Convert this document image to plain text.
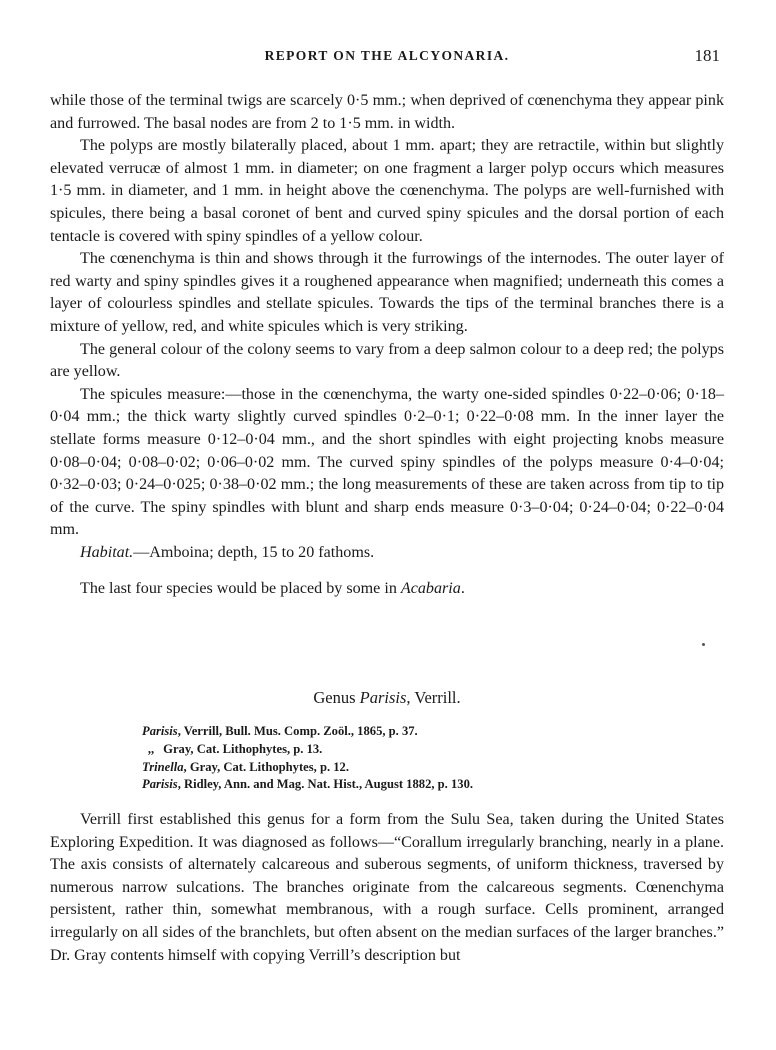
REPORT ON THE ALCYONARIA.	181

while those of the terminal twigs are scarcely 0·5 mm.; when deprived of cœnenchyma they appear pink and furrowed. The basal nodes are from 2 to 1·5 mm. in width.

The polyps are mostly bilaterally placed, about 1 mm. apart; they are retractile, within but slightly elevated verrucæ of almost 1 mm. in diameter; on one fragment a larger polyp occurs which measures 1·5 mm. in diameter, and 1 mm. in height above the cœnenchyma. The polyps are well-furnished with spicules, there being a basal coronet of bent and curved spiny spicules and the dorsal portion of each tentacle is covered with spiny spindles of a yellow colour.

The cœnenchyma is thin and shows through it the furrowings of the internodes. The outer layer of red warty and spiny spindles gives it a roughened appearance when magnified; underneath this comes a layer of colourless spindles and stellate spicules. Towards the tips of the terminal branches there is a mixture of yellow, red, and white spicules which is very striking.

The general colour of the colony seems to vary from a deep salmon colour to a deep red; the polyps are yellow.

The spicules measure:—those in the cœnenchyma, the warty one-sided spindles 0·22–0·06; 0·18–0·04 mm.; the thick warty slightly curved spindles 0·2–0·1; 0·22–0·08 mm. In the inner layer the stellate forms measure 0·12–0·04 mm., and the short spindles with eight projecting knobs measure 0·08–0·04; 0·08–0·02; 0·06–0·02 mm. The curved spiny spindles of the polyps measure 0·4–0·04; 0·32–0·03; 0·24–0·025; 0·38–0·02 mm.; the long measurements of these are taken across from tip to tip of the curve. The spiny spindles with blunt and sharp ends measure 0·3–0·04; 0·24–0·04; 0·22–0·04 mm.

Habitat.—Amboina; depth, 15 to 20 fathoms.

The last four species would be placed by some in Acabaria.

Genus Parisis, Verrill.
Parisis, Verrill, Bull. Mus. Comp. Zoöl., 1865, p. 37.
,, Gray, Cat. Lithophytes, p. 13.
Trinella, Gray, Cat. Lithophytes, p. 12.
Parisis, Ridley, Ann. and Mag. Nat. Hist., August 1882, p. 130.

Verrill first established this genus for a form from the Sulu Sea, taken during the United States Exploring Expedition. It was diagnosed as follows—“Corallum irregularly branching, nearly in a plane. The axis consists of alternately calcareous and suberous segments, of uniform thickness, traversed by numerous narrow sulcations. The branches originate from the calcareous segments. Cœnenchyma persistent, rather thin, somewhat membranous, with a rough surface. Cells prominent, arranged irregularly on all sides of the branchlets, but often absent on the median surfaces of the larger branches.” Dr. Gray contents himself with copying Verrill’s description but
